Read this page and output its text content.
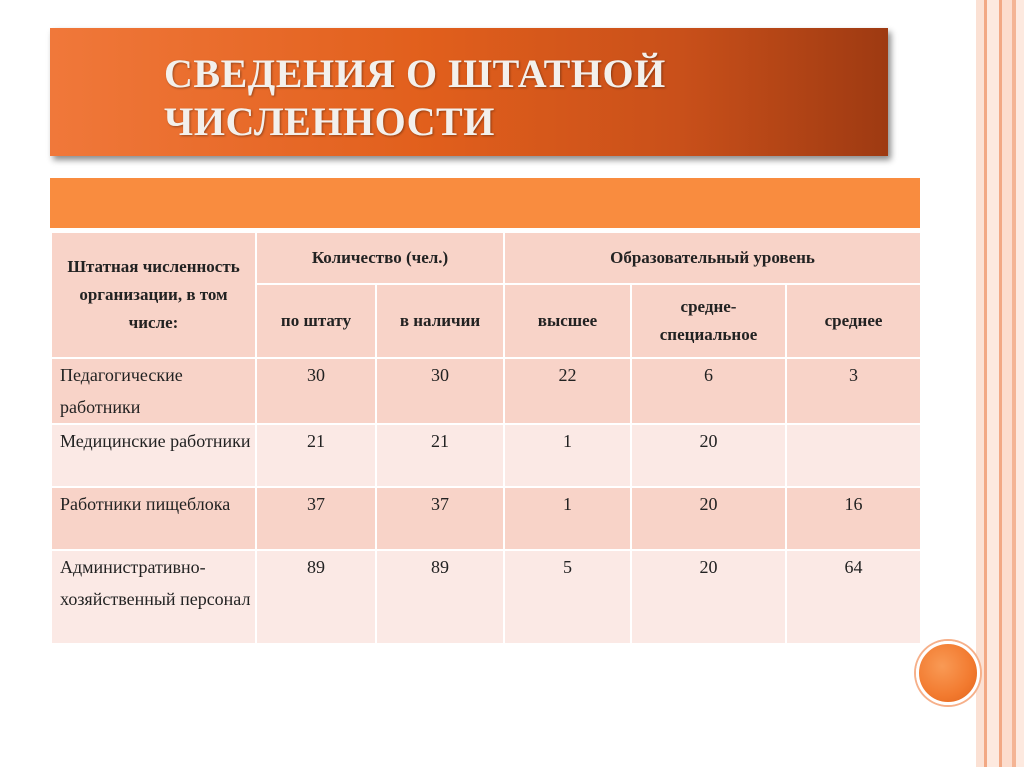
СВЕДЕНИЯ О ШТАТНОЙ ЧИСЛЕННОСТИ
Штатная численность организации, в том числе:	Количество (чел.)		Образовательный уровень		
	по штату	в наличии	высшее	средне-специальное	среднее
Педагогические работники	30	30	22	6	3
Медицинские работники	21	21	1	20	
Работники пищеблока	37	37	1	20	16
Административно-хозяйственный персонал	89	89	5	20	64
